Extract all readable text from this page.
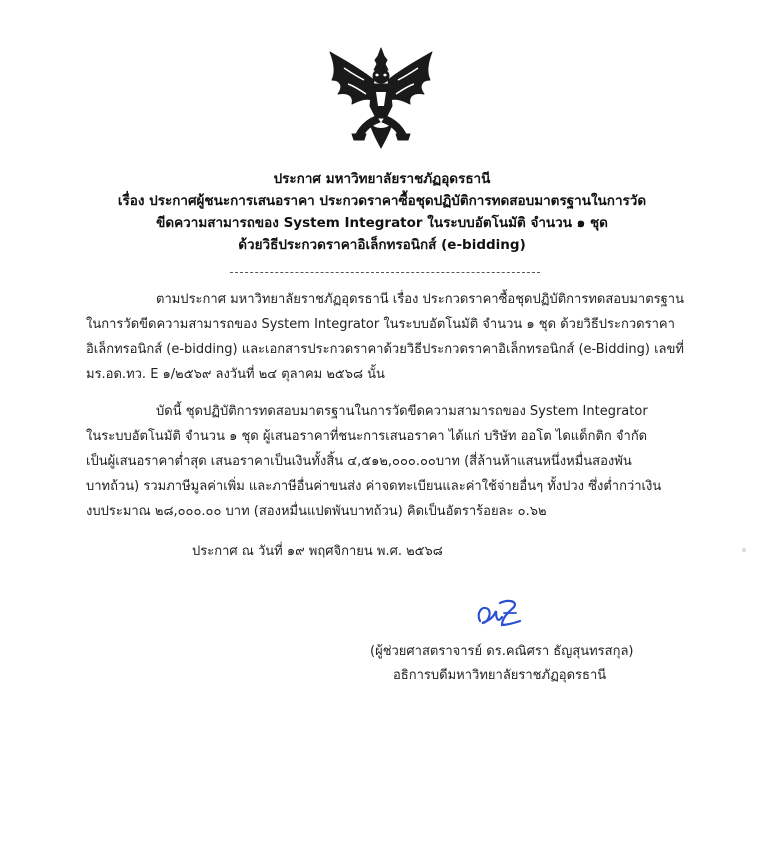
ประกาศ มหาวิทยาลัยราชภัฏอุดรธานี
เรื่อง ประกาศผู้ชนะการเสนอราคา ประกวดราคาซื้อชุดปฏิบัติการทดสอบมาตรฐานในการวัด
ขีดความสามารถของ System Integrator ในระบบอัตโนมัติ จำนวน ๑ ชุด
ด้วยวิธีประกวดราคาอิเล็กทรอนิกส์ (e-bidding)
ตามประกาศ มหาวิทยาลัยราชภัฏอุดรธานี เรื่อง ประกวดราคาซื้อชุดปฏิบัติการทดสอบมาตรฐาน
ในการวัดขีดความสามารถของ System Integrator ในระบบอัตโนมัติ จำนวน ๑ ชุด ด้วยวิธีประกวดราคา
อิเล็กทรอนิกส์ (e-bidding) และเอกสารประกวดราคาด้วยวิธีประกวดราคาอิเล็กทรอนิกส์ (e-Bidding) เลขที่
มร.อด.ทว. E ๑/๒๕๖๙ ลงวันที่ ๒๔ ตุลาคม ๒๕๖๘ นั้น
บัดนี้ ชุดปฏิบัติการทดสอบมาตรฐานในการวัดขีดความสามารถของ System Integrator
ในระบบอัตโนมัติ จำนวน ๑ ชุด ผู้เสนอราคาที่ชนะการเสนอราคา ได้แก่ บริษัท ออโต ไดแด็กติก จำกัด
เป็นผู้เสนอราคาต่ำสุด เสนอราคาเป็นเงินทั้งสิ้น ๔,๕๑๒,๐๐๐.๐๐บาท (สี่ล้านห้าแสนหนึ่งหมื่นสองพัน
บาทถ้วน) รวมภาษีมูลค่าเพิ่ม และภาษีอื่นค่าขนส่ง ค่าจดทะเบียนและค่าใช้จ่ายอื่นๆ ทั้งปวง ซึ่งต่ำกว่าเงิน
งบประมาณ ๒๘,๐๐๐.๐๐ บาท (สองหมื่นแปดพันบาทถ้วน) คิดเป็นอัตราร้อยละ ๐.๖๒
ประกาศ ณ วันที่ ๑๙ พฤศจิกายน พ.ศ. ๒๕๖๘
(ผู้ช่วยศาสตราจารย์ ดร.คณิศรา ธัญสุนทรสกุล)
อธิการบดีมหาวิทยาลัยราชภัฏอุดรธานี
